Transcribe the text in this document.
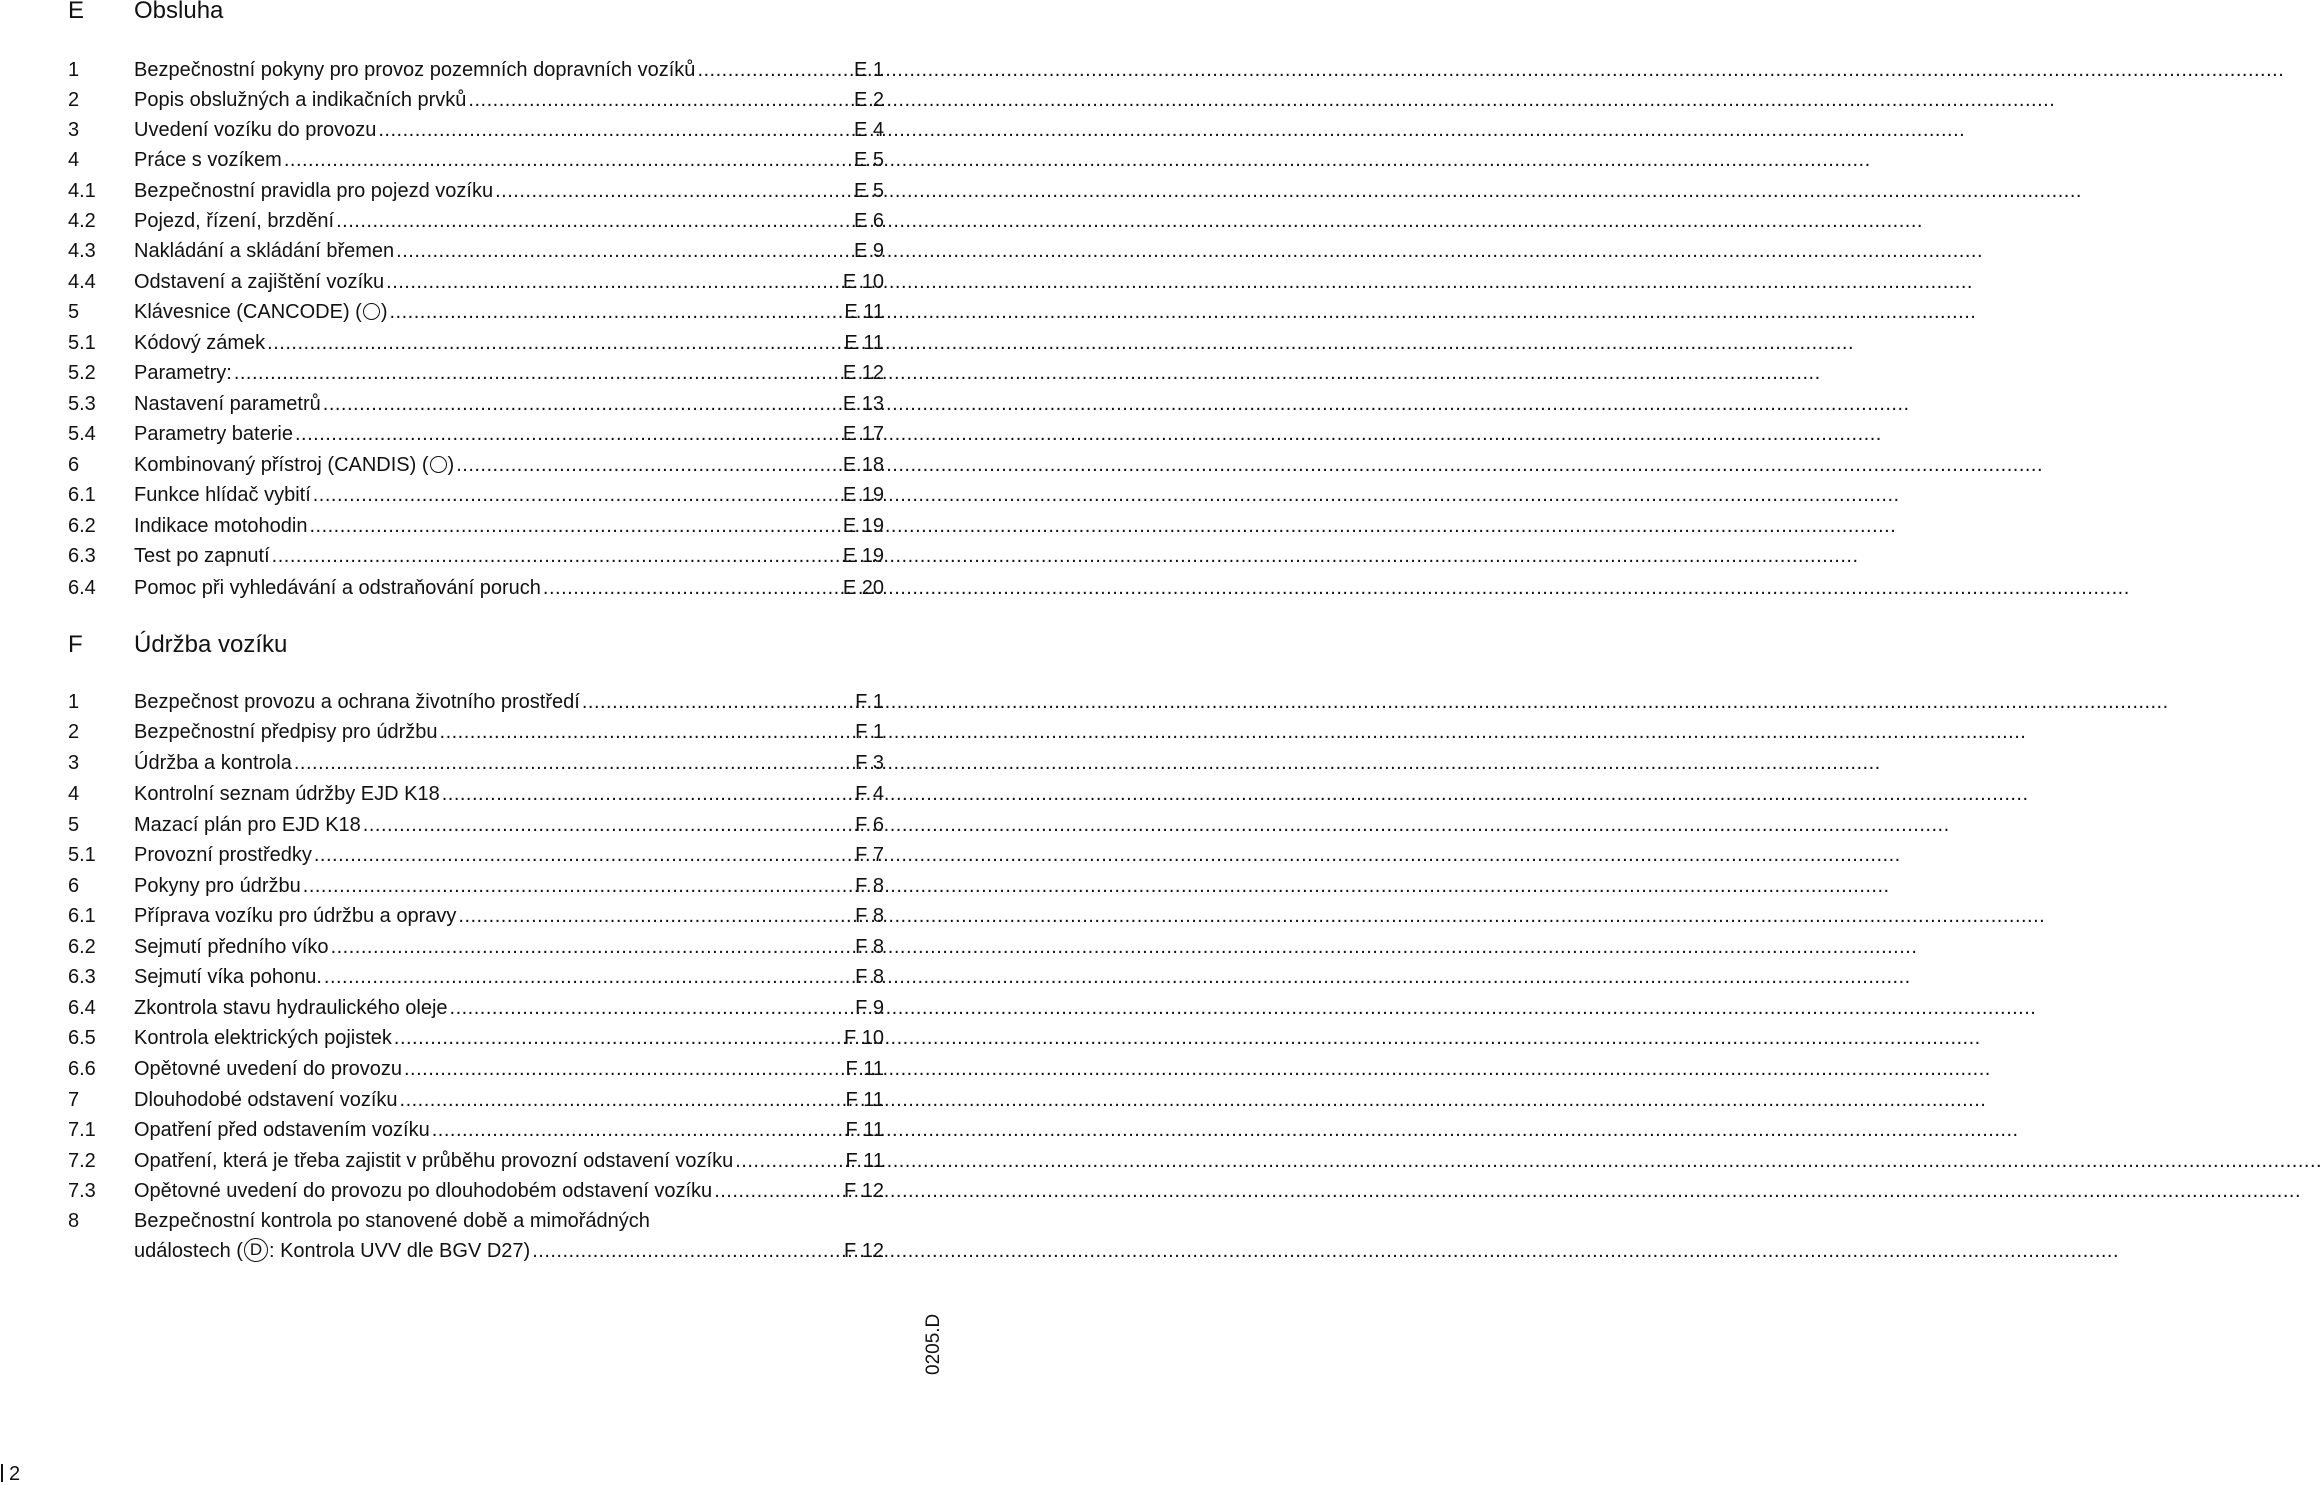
E Obsluha
1	Bezpečnostní pokyny pro provoz pozemních dopravních vozíků .....	E 1
2	Popis obslužných a indikačních prvků .....	E 2
3	Uvedení vozíku do provozu .....	E 4
4	Práce s vozíkem .....	E 5
4.1 Bezpečnostní pravidla pro pojezd vozíku .....	E 5
4.2 Pojezd, řízení, brzdění .....	E 6
4.3 Nakládání a skládání břemen .....	E 9
4.4 Odstavení a zajištění vozíku .....	E 10
5	Klávesnice (CANCODE) ( ) .....	E 11
5.1 Kódový zámek .....	E 11
5.2 Parametry: .....	E 12
5.3 Nastavení parametrů .....	E 13
5.4 Parametry baterie .....	E 17
6	Kombinovaný přístroj (CANDIS) ( ) .....	E 18
6.1 Funkce hlídač vybití .....	E 19
6.2 Indikace motohodin .....	E 19
6.3 Test po zapnutí .....	E 19
6.4 Pomoc při vyhledávání a odstraňování poruch .....	E 20
F Údržba vozíku
1	Bezpečnost provozu a ochrana životního prostředí .....	F 1
2	Bezpečnostní předpisy pro údržbu .....	F 1
3	Údržba a kontrola .....	F 3
4	Kontrolní seznam údržby EJD K18 .....	F 4
5	Mazací plán pro EJD K18 .....	F 6
5.1 Provozní prostředky .....	F 7
6	Pokyny pro údržbu .....	F 8
6.1 Příprava vozíku pro údržbu a opravy .....	F 8
6.2 Sejmutí předního víko .....	F 8
6.3 Sejmutí víka pohonu. .....	F 8
6.4 Zkontrola stavu hydraulického oleje .....	F 9
6.5 Kontrola elektrických pojistek .....	F 10
6.6 Opětovné uvedení do provozu .....	F 11
7	Dlouhodobé odstavení vozíku .....	F 11
7.1 Opatření před odstavením vozíku .....	F 11
7.2 Opatření, která je třeba zajistit v průběhu provozní odstavení vozíku .....	F 11
7.3 Opětovné uvedení do provozu po dlouhodobém odstavení vozíku .....	F 12
8	Bezpečnostní kontrola po stanovené době a mimořádných
událostech ( D : Kontrola UVV dle BGV D27) .....	F 12
0205.D
2
